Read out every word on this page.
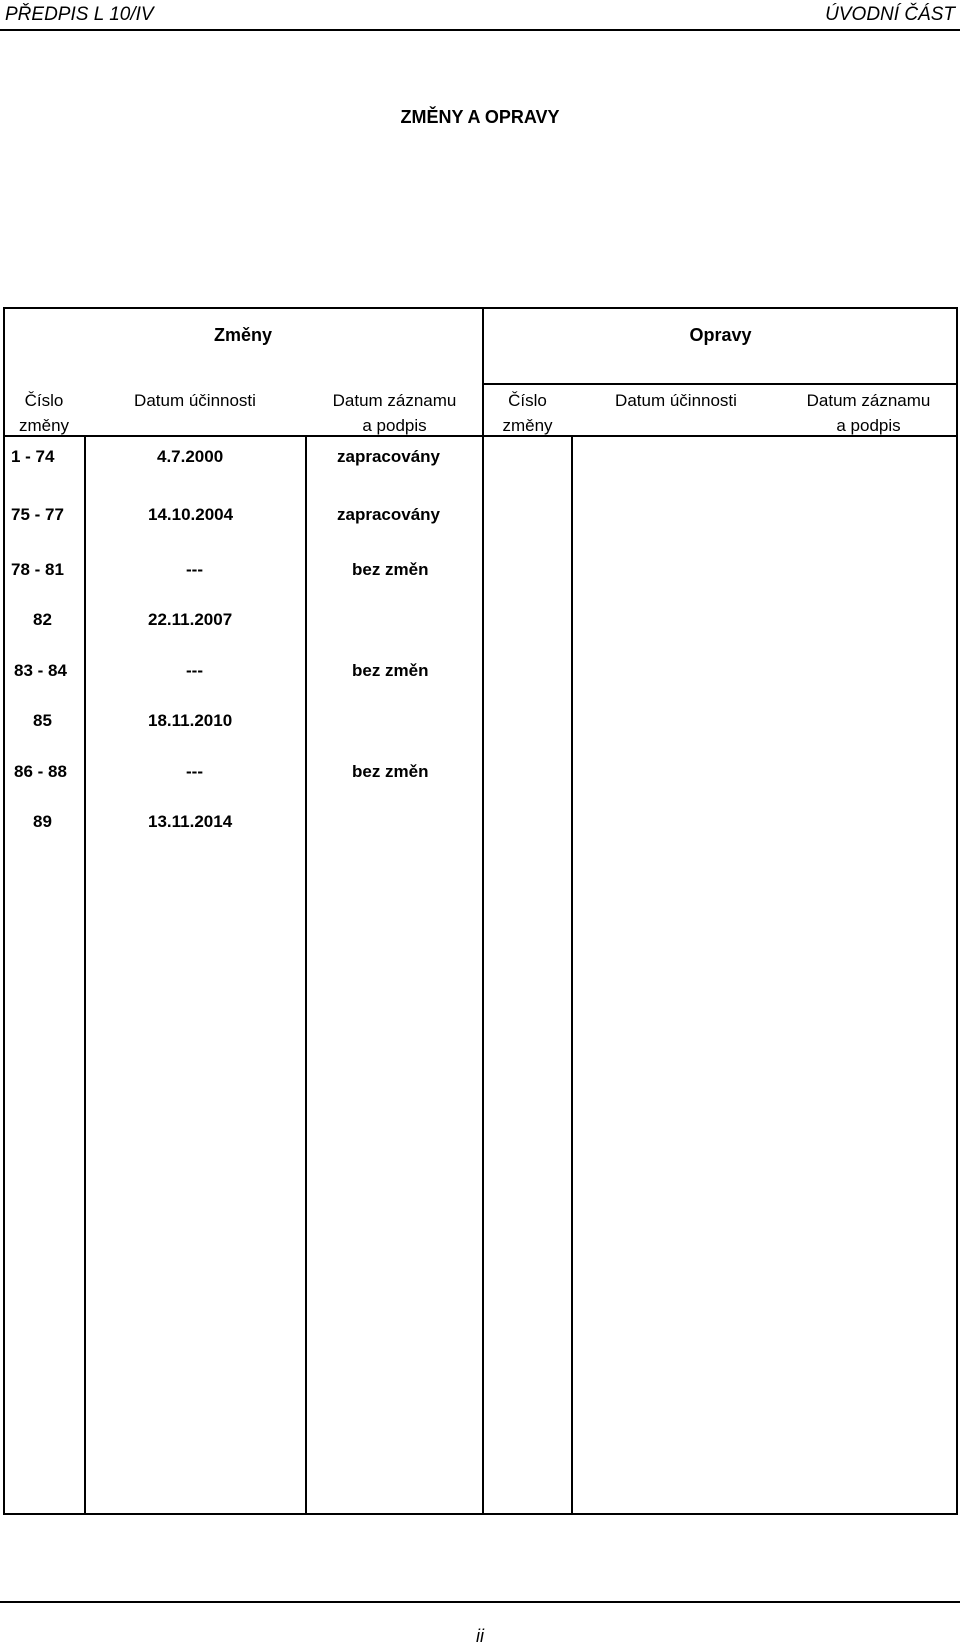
PŘEDPIS L 10/IV	ÚVODNÍ ČÁST
ZMĚNY A OPRAVY
Změny	Opravy
Číslo
změny
Datum účinnosti	Datum záznamu
a podpis
Číslo
změny
Datum účinnosti	Datum záznamu
a podpis
1 - 74	4.7.2000	zapracovány
75 - 77	14.10.2004	zapracovány
78 - 81	---	bez změn
82	22.11.2007
83 - 84	---	bez změn
85	18.11.2010
86 - 88	---	bez změn
89	13.11.2014
ii
